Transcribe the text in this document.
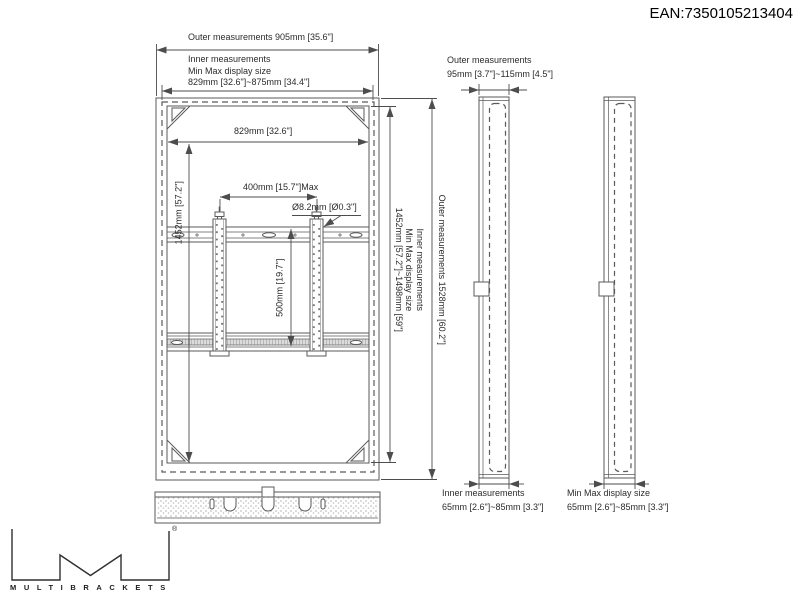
EAN:7350105213404
Outer measurements 905mm [35.6"]
Inner measurements
Min Max display size
829mm [32.6"]~875mm [34.4"]
829mm [32.6"]
400mm [15.7"]Max
Ø8.2mm [Ø0.3"]
1452mm [57.2"]
500mm [19.7"]	Inner measurements
Min Max display size
1452mm [57.2"]~1498mm [59"]	Outer measurements 1528mm [60.2"]
Outer measurements
95mm [3.7"]~115mm [4.5"]
Inner measurements
65mm [2.6"]~85mm [3.3"]
Min Max display size
65mm [2.6"]~85mm [3.3"]
MULTIBRACKETS
®
